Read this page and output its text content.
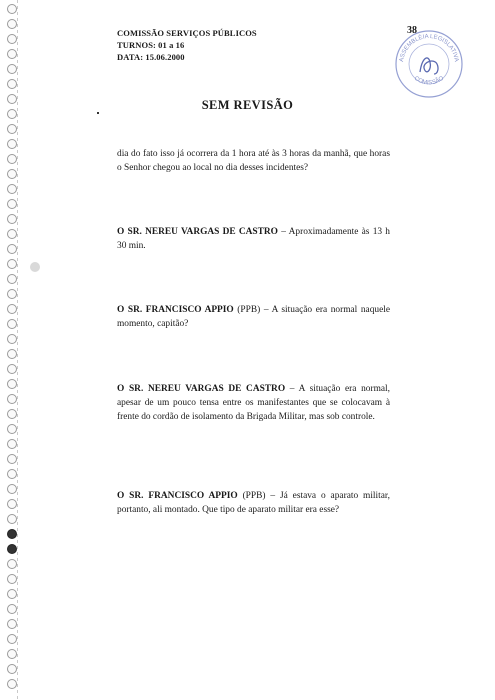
COMISSÃO SERVIÇOS PÚBLICOS
TURNOS: 01 a 16
DATA: 15.06.2000
38
ASSEMBLÉIA LEGISLATIVA
COMISSÃO
SEM REVISÃO
dia do fato isso já ocorrera da 1 hora até às 3 horas da manhã, que horas o Senhor chegou ao local no dia desses incidentes?
O SR. NEREU VARGAS DE CASTRO – Aproximadamente às 13 h 30 min.
O SR. FRANCISCO APPIO (PPB) – A situação era normal naquele momento, capitão?
O SR. NEREU VARGAS DE CASTRO – A situação era normal, apesar de um pouco tensa entre os manifestantes que se colocavam à frente do cordão de isolamento da Brigada Militar, mas sob controle.
O SR. FRANCISCO APPIO (PPB) – Já estava o aparato militar, portanto, ali montado. Que tipo de aparato militar era esse?
